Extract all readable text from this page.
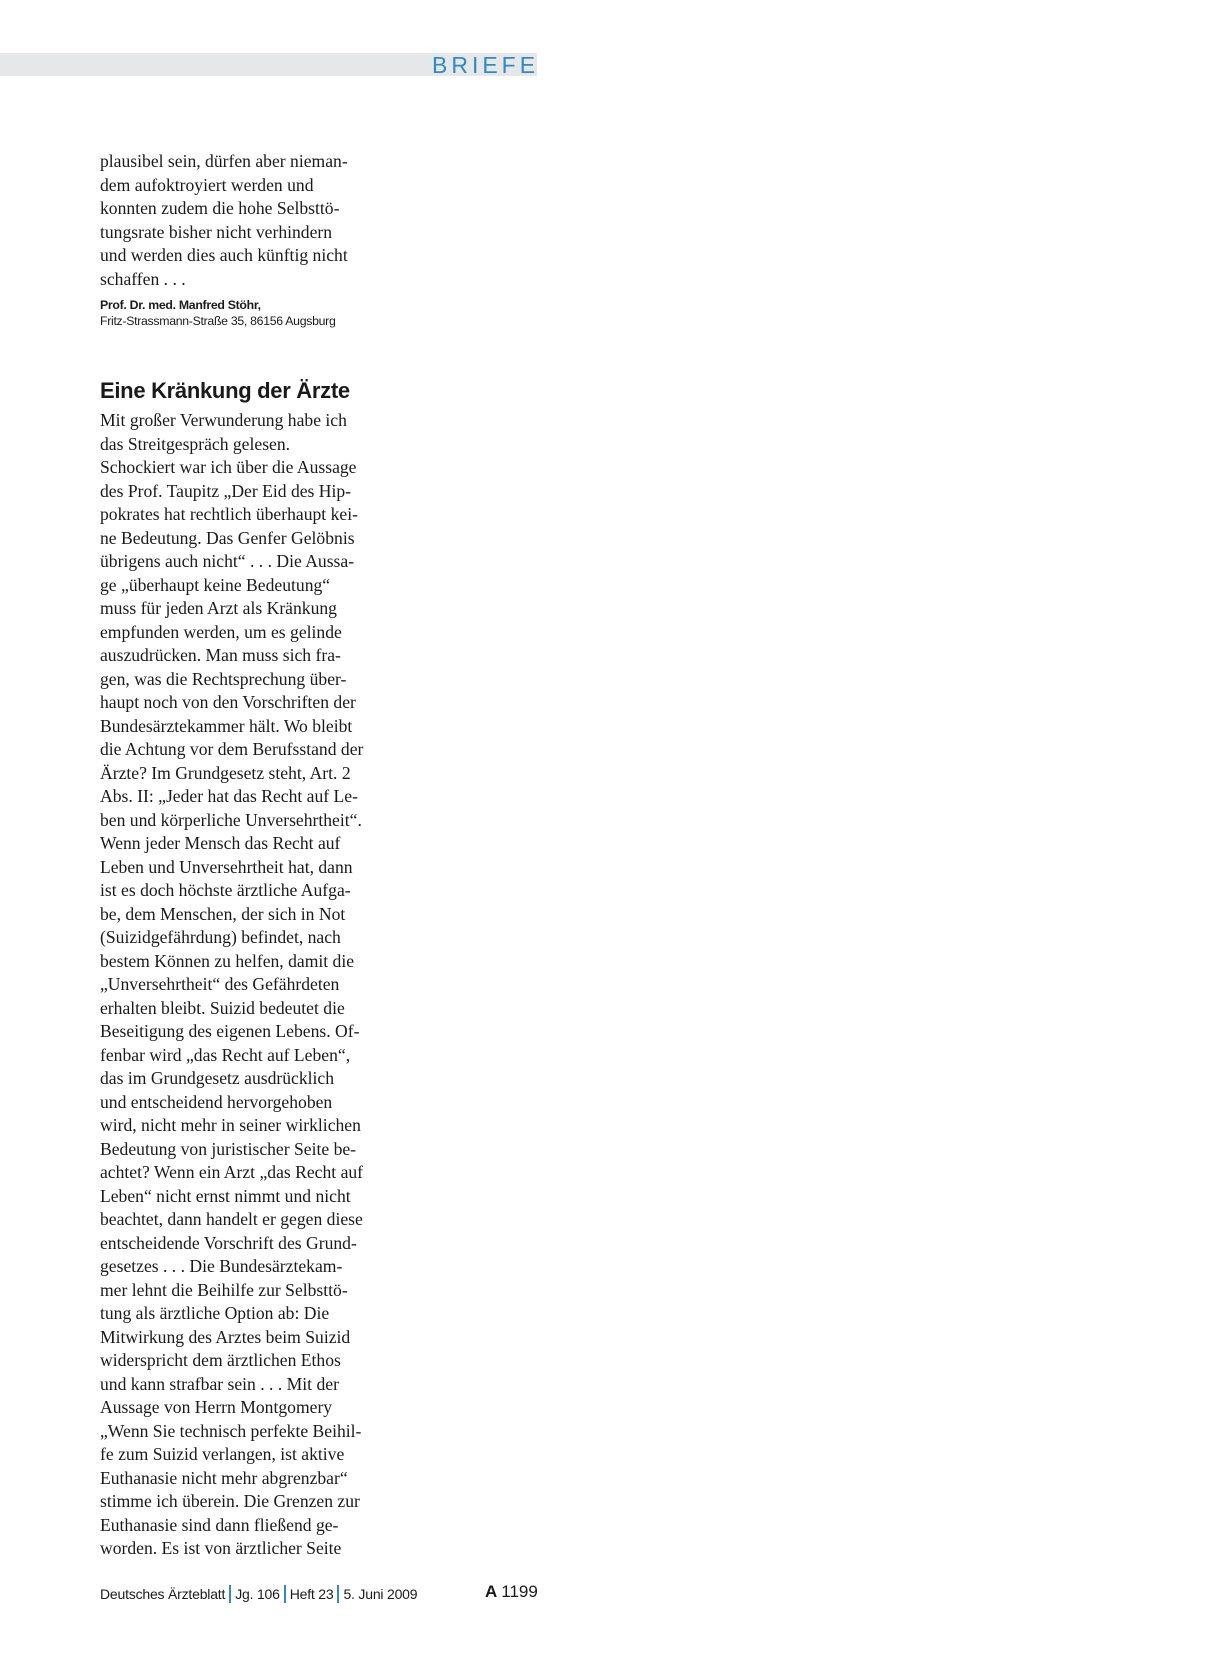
BRIEFE

plausibel sein, dürfen aber nieman-
dem aufoktroyiert werden und
konnten zudem die hohe Selbsttö-
tungsrate bisher nicht verhindern
und werden dies auch künftig nicht
schaffen . . .

Prof. Dr. med. Manfred Stöhr,
Fritz-Strassmann-Straße 35, 86156 Augsburg
Eine Kränkung der Ärzte

Mit großer Verwunderung habe ich
das Streitgespräch gelesen.
Schockiert war ich über die Aussage
des Prof. Taupitz „Der Eid des Hip-
pokrates hat rechtlich überhaupt kei-
ne Bedeutung. Das Genfer Gelöbnis
übrigens auch nicht“ . . . Die Aussa-
ge „überhaupt keine Bedeutung“
muss für jeden Arzt als Kränkung
empfunden werden, um es gelinde
auszudrücken. Man muss sich fra-
gen, was die Rechtsprechung über-
haupt noch von den Vorschriften der
Bundesärztekammer hält. Wo bleibt
die Achtung vor dem Berufsstand der
Ärzte? Im Grundgesetz steht, Art. 2
Abs. II: „Jeder hat das Recht auf Le-
ben und körperliche Unversehrtheit“.
Wenn jeder Mensch das Recht auf
Leben und Unversehrtheit hat, dann
ist es doch höchste ärztliche Aufga-
be, dem Menschen, der sich in Not
(Suizidgefährdung) befindet, nach
bestem Können zu helfen, damit die
„Unversehrtheit“ des Gefährdeten
erhalten bleibt. Suizid bedeutet die
Beseitigung des eigenen Lebens. Of-
fenbar wird „das Recht auf Leben“,
das im Grundgesetz ausdrücklich
und entscheidend hervorgehoben
wird, nicht mehr in seiner wirklichen
Bedeutung von juristischer Seite be-
achtet? Wenn ein Arzt „das Recht auf
Leben“ nicht ernst nimmt und nicht
beachtet, dann handelt er gegen diese
entscheidende Vorschrift des Grund-
gesetzes . . . Die Bundesärztekam-
mer lehnt die Beihilfe zur Selbsttö-
tung als ärztliche Option ab: Die
Mitwirkung des Arztes beim Suizid
widerspricht dem ärztlichen Ethos
und kann strafbar sein . . . Mit der
Aussage von Herrn Montgomery
„Wenn Sie technisch perfekte Beihil-
fe zum Suizid verlangen, ist aktive
Euthanasie nicht mehr abgrenzbar“
stimme ich überein. Die Grenzen zur
Euthanasie sind dann fließend ge-
worden. Es ist von ärztlicher Seite

Deutsches Ärzteblatt Jg. 106 Heft 23 5. Juni 2009	A 1199
